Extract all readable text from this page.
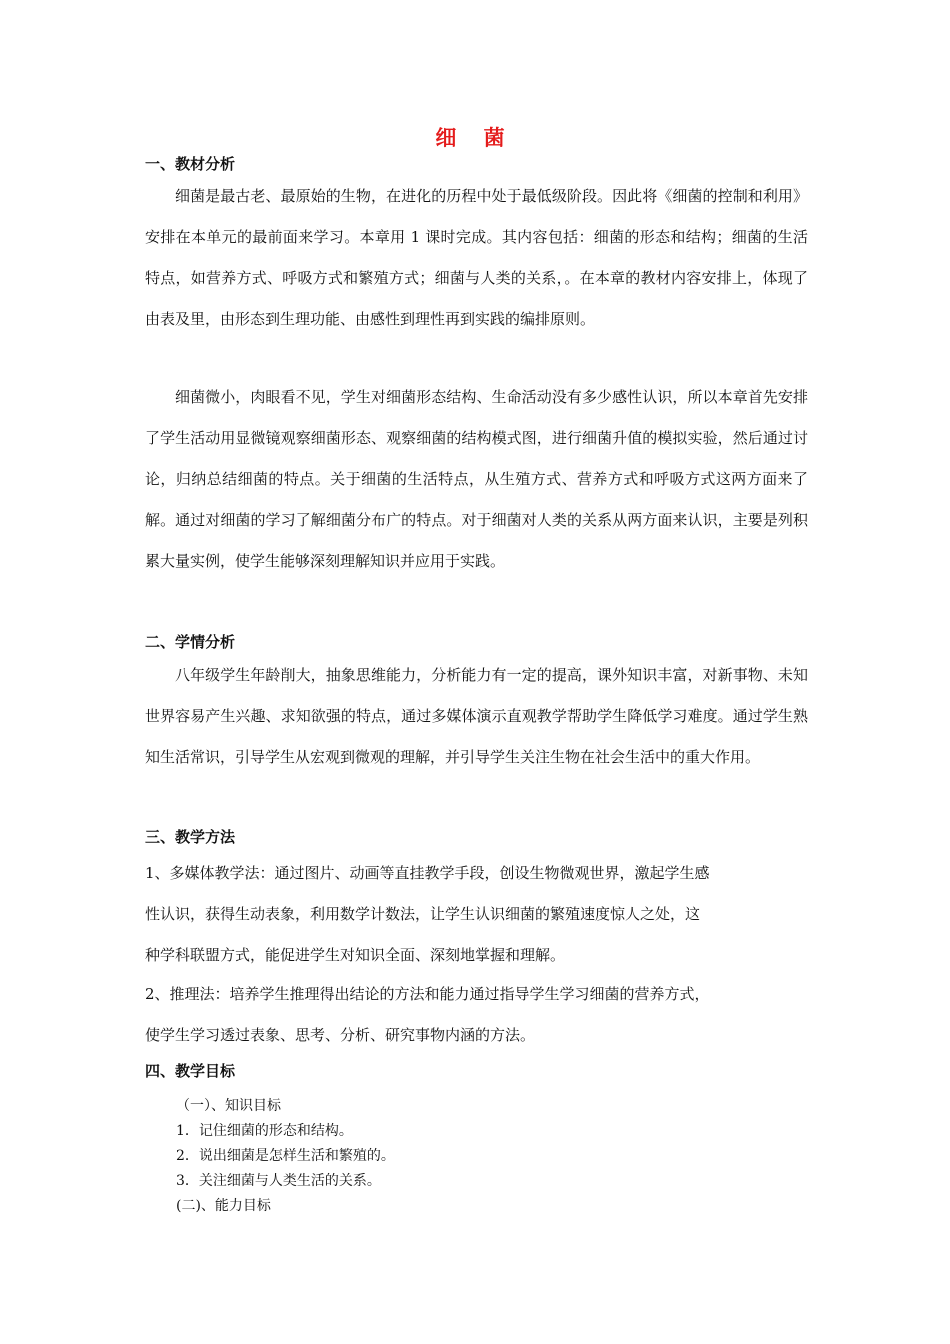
细 菌
一、教材分析

细菌是最古老、最原始的生物，在进化的历程中处于最低级阶段。因此将《细菌的控制和利用》安排在本单元的最前面来学习。本章用 1 课时完成。其内容包括：细菌的形态和结构；细菌的生活特点，如营养方式、呼吸方式和繁殖方式；细菌与人类的关系，。在本章的教材内容安排上，体现了由表及里，由形态到生理功能、由感性到理性再到实践的编排原则。

细菌微小，肉眼看不见，学生对细菌形态结构、生命活动没有多少感性认识，所以本章首先安排了学生活动用显微镜观察细菌形态、观察细菌的结构模式图，进行细菌升值的模拟实验，然后通过讨论，归纳总结细菌的特点。关于细菌的生活特点，从生殖方式、营养方式和呼吸方式这两方面来了解。通过对细菌的学习了解细菌分布广的特点。对于细菌对人类的关系从两方面来认识，主要是列积累大量实例，使学生能够深刻理解知识并应用于实践。

二、学情分析

八年级学生年龄削大，抽象思维能力，分析能力有一定的提高，课外知识丰富，对新事物、未知世界容易产生兴趣、求知欲强的特点，通过多媒体演示直观教学帮助学生降低学习难度。通过学生熟知生活常识，引导学生从宏观到微观的理解，并引导学生关注生物在社会生活中的重大作用。

三、教学方法
1、多媒体教学法：通过图片、动画等直挂教学手段，创设生物微观世界，激起学生感
性认识，获得生动表象，利用数学计数法，让学生认识细菌的繁殖速度惊人之处，这
种学科联盟方式，能促进学生对知识全面、深刻地掌握和理解。
2、推理法：培养学生推理得出结论的方法和能力通过指导学生学习细菌的营养方式，
使学生学习透过表象、思考、分析、研究事物内涵的方法。
四、教学目标
（一）、知识目标
1．记住细菌的形态和结构。
2．说出细菌是怎样生活和繁殖的。
3．关注细菌与人类生活的关系。
(二)、能力目标
